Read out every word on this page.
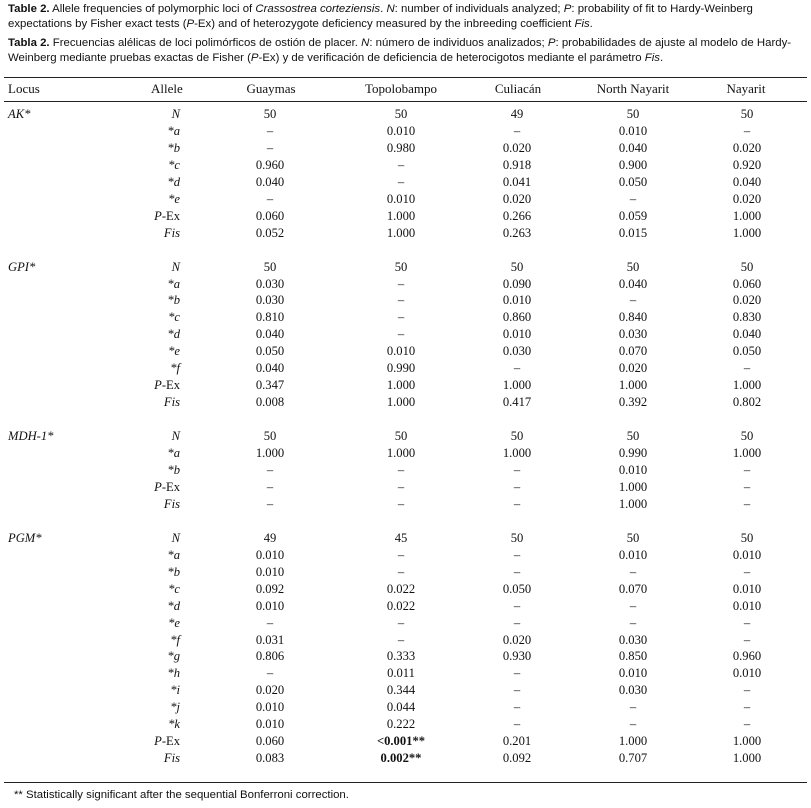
Table 2. Allele frequencies of polymorphic loci of Crassostrea corteziensis. N: number of individuals analyzed; P: probability of fit to Hardy-Weinberg expectations by Fisher exact tests (P-Ex) and of heterozygote deficiency measured by the inbreeding coefficient Fis.
Tabla 2. Frecuencias alélicas de loci polimórficos de ostión de placer. N: número de individuos analizados; P: probabilidades de ajuste al modelo de Hardy-Weinberg mediante pruebas exactas de Fisher (P-Ex) y de verificación de deficiencia de heterocigotos mediante el parámetro Fis.
Locus	Allele	Guaymas	Topolobampo	Culiacán	North Nayarit	Nayarit
AK*	N	50	50	49	50	50
*a	–	0.010	–	0.010	–
*b	–	0.980	0.020	0.040	0.020
*c	0.960	–	0.918	0.900	0.920
*d	0.040	–	0.041	0.050	0.040
*e	–	0.010	0.020	–	0.020
P-Ex	0.060	1.000	0.266	0.059	1.000
Fis	0.052	1.000	0.263	0.015	1.000
GPI*	N	50	50	50	50	50
*a	0.030	–	0.090	0.040	0.060
*b	0.030	–	0.010	–	0.020
*c	0.810	–	0.860	0.840	0.830
*d	0.040	–	0.010	0.030	0.040
*e	0.050	0.010	0.030	0.070	0.050
*f	0.040	0.990	–	0.020	–
P-Ex	0.347	1.000	1.000	1.000	1.000
Fis	0.008	1.000	0.417	0.392	0.802
MDH-1*	N	50	50	50	50	50
*a	1.000	1.000	1.000	0.990	1.000
*b	–	–	–	0.010	–
P-Ex	–	–	–	1.000	–
Fis	–	–	–	1.000	–
PGM*	N	49	45	50	50	50
*a	0.010	–	–	0.010	0.010
*b	0.010	–	–	–	–
*c	0.092	0.022	0.050	0.070	0.010
*d	0.010	0.022	–	–	0.010
*e	–	–	–	–	–
*f	0.031	–	0.020	0.030	–
*g	0.806	0.333	0.930	0.850	0.960
*h	–	0.011	–	0.010	0.010
*i	0.020	0.344	–	0.030	–
*j	0.010	0.044	–	–	–
*k	0.010	0.222	–	–	–
P-Ex	0.060	<0.001**	0.201	1.000	1.000
Fis	0.083	0.002**	0.092	0.707	1.000
** Statistically significant after the sequential Bonferroni correction.
